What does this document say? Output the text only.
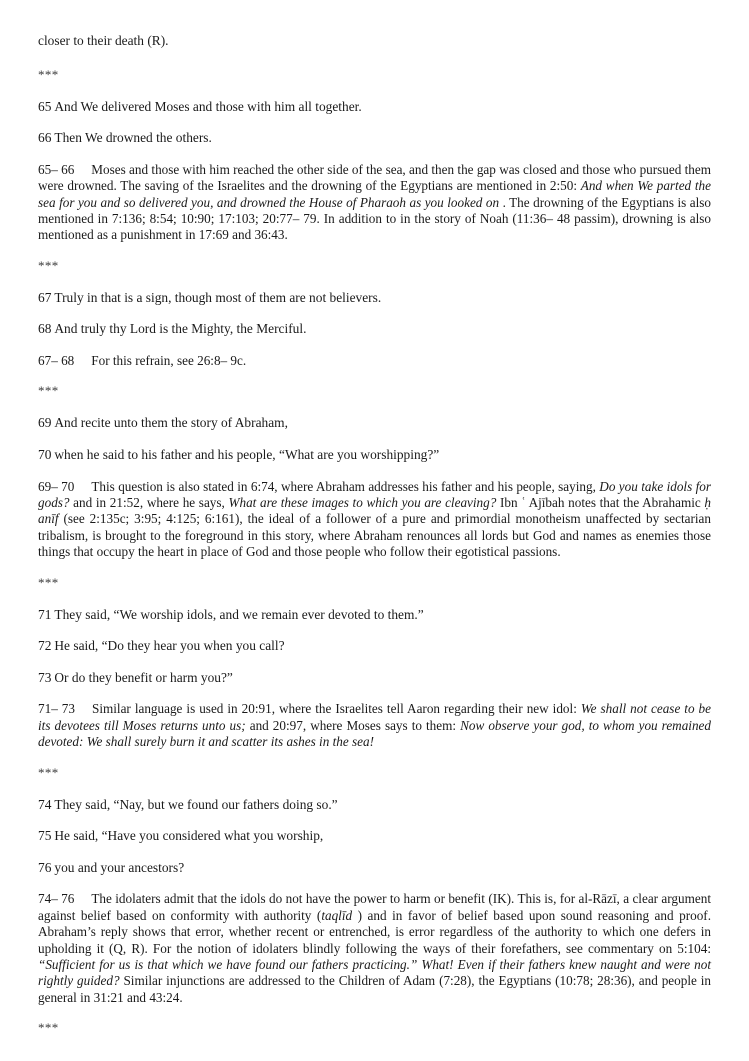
closer to their death (R).

***

65 And We delivered Moses and those with him all together.

66 Then We drowned the others.

65– 66 Moses and those with him reached the other side of the sea, and then the gap was closed and those who pursued them were drowned. The saving of the Israelites and the drowning of the Egyptians are mentioned in 2:50: And when We parted the sea for you and so delivered you, and drowned the House of Pharaoh as you looked on . The drowning of the Egyptians is also mentioned in 7:136; 8:54; 10:90; 17:103; 20:77– 79. In addition to in the story of Noah (11:36– 48 passim), drowning is also mentioned as a punishment in 17:69 and 36:43.

***

67 Truly in that is a sign, though most of them are not believers.

68 And truly thy Lord is the Mighty, the Merciful.

67– 68 For this refrain, see 26:8– 9c.

***

69 And recite unto them the story of Abraham,

70 when he said to his father and his people, “What are you worshipping?”

69– 70 This question is also stated in 6:74, where Abraham addresses his father and his people, saying, Do you take idols for gods? and in 21:52, where he says, What are these images to which you are cleaving? Ibn ʿ Ajībah notes that the Abrahamic ḥ anīf (see 2:135c; 3:95; 4:125; 6:161), the ideal of a follower of a pure and primordial monotheism unaffected by sectarian tribalism, is brought to the foreground in this story, where Abraham renounces all lords but God and names as enemies those things that occupy the heart in place of God and those people who follow their egotistical passions.

***

71 They said, “We worship idols, and we remain ever devoted to them.”

72 He said, “Do they hear you when you call?

73 Or do they benefit or harm you?”

71– 73 Similar language is used in 20:91, where the Israelites tell Aaron regarding their new idol: We shall not cease to be its devotees till Moses returns unto us; and 20:97, where Moses says to them: Now observe your god, to whom you remained devoted: We shall surely burn it and scatter its ashes in the sea!

***

74 They said, “Nay, but we found our fathers doing so.”

75 He said, “Have you considered what you worship,

76 you and your ancestors?

74– 76 The idolaters admit that the idols do not have the power to harm or benefit (IK). This is, for al-Rāzī, a clear argument against belief based on conformity with authority (taqlīd ) and in favor of belief based upon sound reasoning and proof. Abraham’s reply shows that error, whether recent or entrenched, is error regardless of the authority to which one defers in upholding it (Q, R). For the notion of idolaters blindly following the ways of their forefathers, see commentary on 5:104: “Sufficient for us is that which we have found our fathers practicing.” What! Even if their fathers knew naught and were not rightly guided? Similar injunctions are addressed to the Children of Adam (7:28), the Egyptians (10:78; 28:36), and people in general in 31:21 and 43:24.

***
